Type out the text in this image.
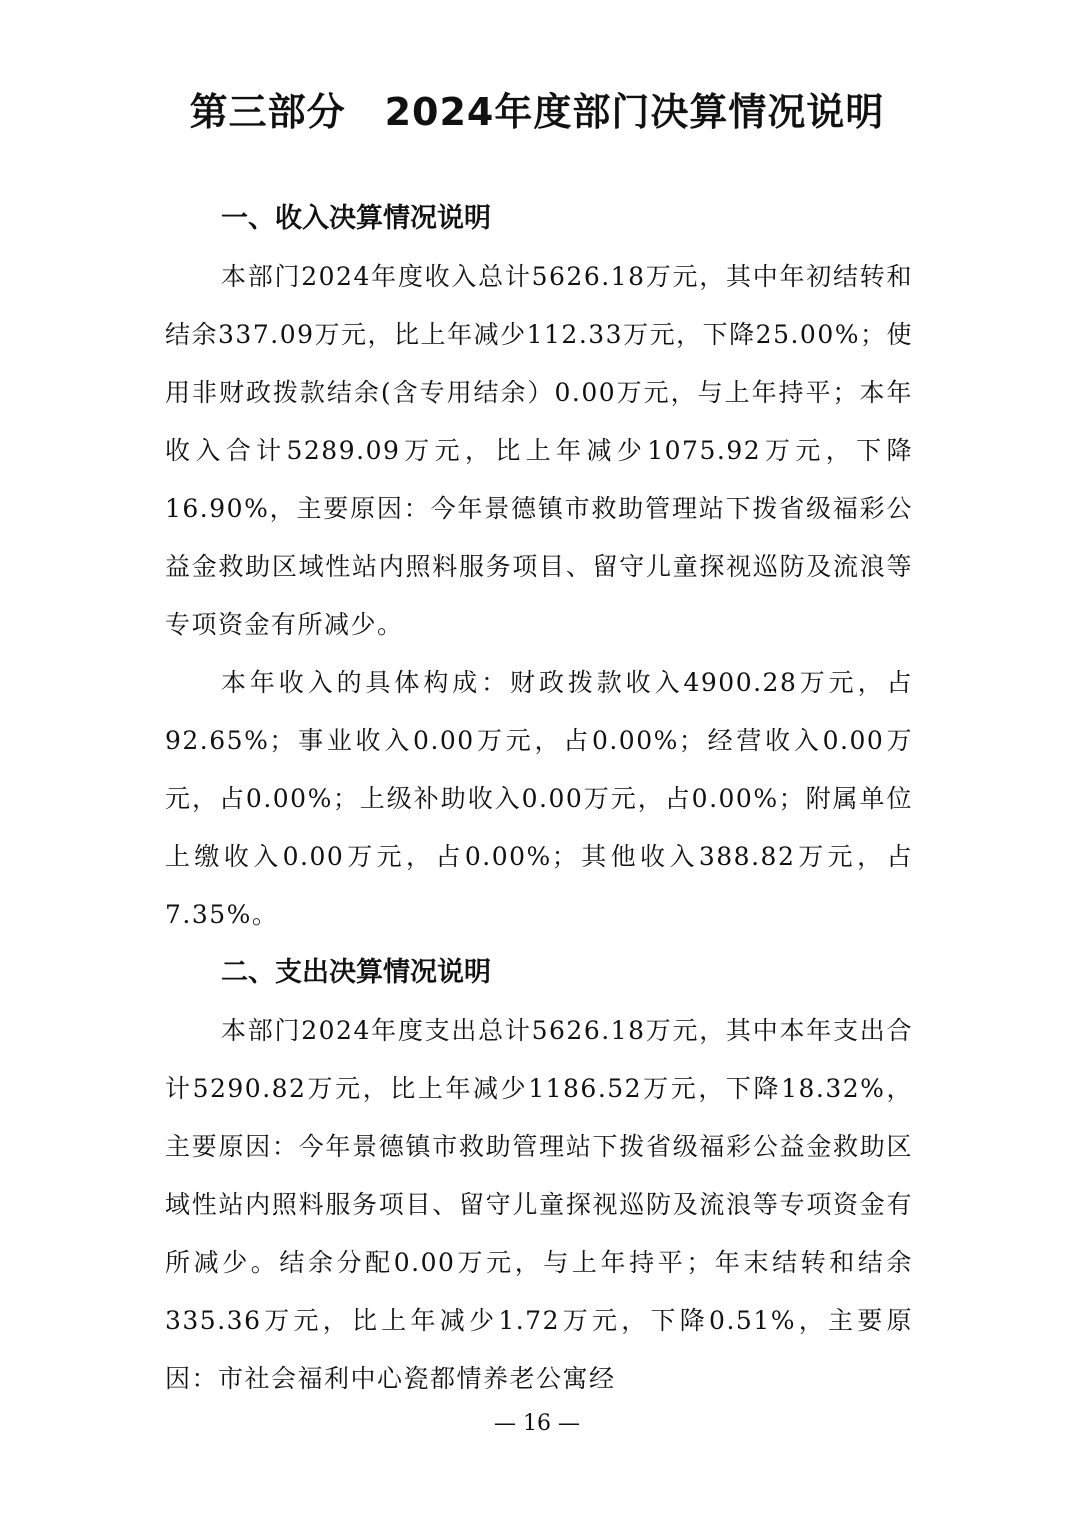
第三部分　2024年度部门决算情况说明
一、收入决算情况说明

本部门2024年度收入总计5626.18万元，其中年初结转和结余337.09万元，比上年减少112.33万元，下降25.00%；使用非财政拨款结余(含专用结余）0.00万元，与上年持平；本年收入合计5289.09万元，比上年减少1075.92万元，下降16.90%，主要原因：今年景德镇市救助管理站下拨省级福彩公益金救助区域性站内照料服务项目、留守儿童探视巡防及流浪等专项资金有所减少。

本年收入的具体构成：财政拨款收入4900.28万元，占92.65%；事业收入0.00万元，占0.00%；经营收入0.00万元，占0.00%；上级补助收入0.00万元，占0.00%；附属单位上缴收入0.00万元，占0.00%；其他收入388.82万元，占7.35%。

二、支出决算情况说明

本部门2024年度支出总计5626.18万元，其中本年支出合计5290.82万元，比上年减少1186.52万元，下降18.32%，主要原因：今年景德镇市救助管理站下拨省级福彩公益金救助区域性站内照料服务项目、留守儿童探视巡防及流浪等专项资金有所减少。结余分配0.00万元，与上年持平；年末结转和结余335.36万元，比上年减少1.72万元，下降0.51%，主要原因：市社会福利中心瓷都情养老公寓经

— 16 —
